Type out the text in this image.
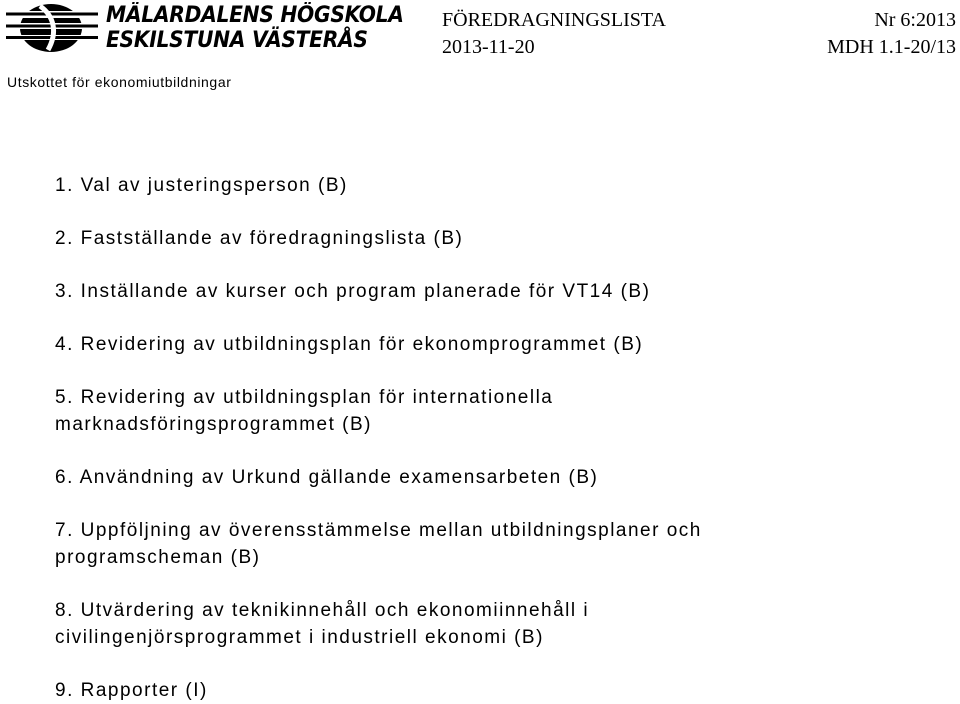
MÄLARDALENS HÖGSKOLA
ESKILSTUNA VÄSTERÅS
FÖREDRAGNINGSLISTA	Nr 6:2013
2013-11-20	MDH 1.1-20/13
Utskottet för ekonomiutbildningar
1. Val av justeringsperson (B)
2. Fastställande av föredragningslista (B)
3. Inställande av kurser och program planerade för VT14 (B)
4. Revidering av utbildningsplan för ekonomprogrammet (B)
5. Revidering av utbildningsplan för internationella
marknadsföringsprogrammet (B)
6. Användning av Urkund gällande examensarbeten (B)
7. Uppföljning av överensstämmelse mellan utbildningsplaner och
programscheman (B)
8. Utvärdering av teknikinnehåll och ekonomiinnehåll i
civilingenjörsprogrammet i industriell ekonomi (B)
9. Rapporter (I)
